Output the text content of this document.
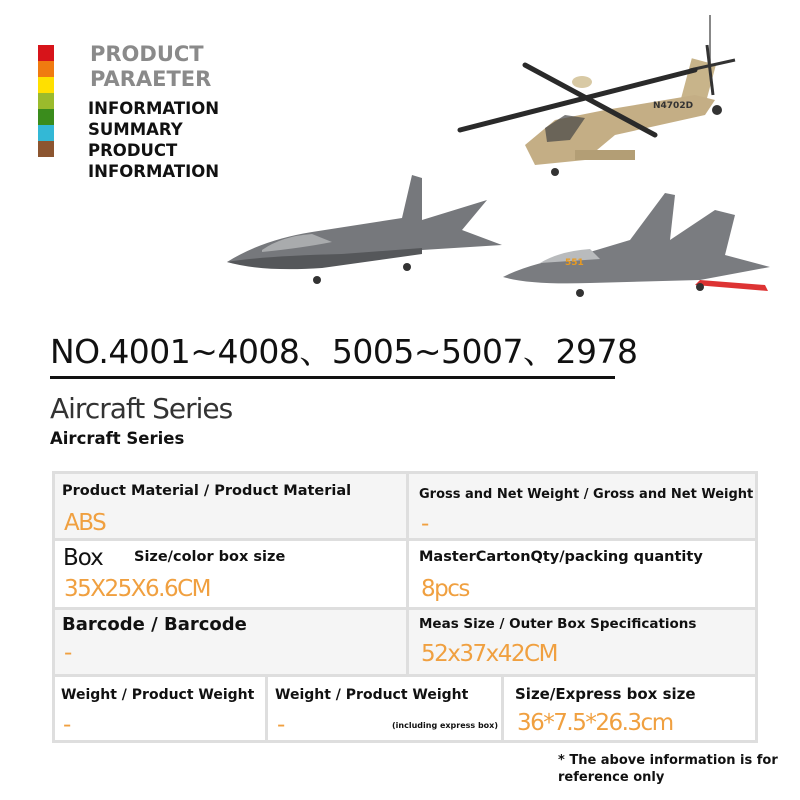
PRODUCT
PARAETER
INFORMATION
SUMMARY
PRODUCT
INFORMATION
N4702D
551
NO.4001~4008、5005~5007、2978
Aircraft Series
Aircraft Series
Product Material / Product Material
ABS
Gross and Net Weight / Gross and Net Weight
-
Box Size/color box size
35X25X6.6CM
MasterCartonQty/packing quantity
8pcs
Barcode / Barcode
-
Meas Size / Outer Box Specifications
52x37x42CM
Weight / Product Weight
-
Weight / Product Weight
-	(including express box)
Size/Express box size
36*7.5*26.3cm
* The above information is for
reference only
